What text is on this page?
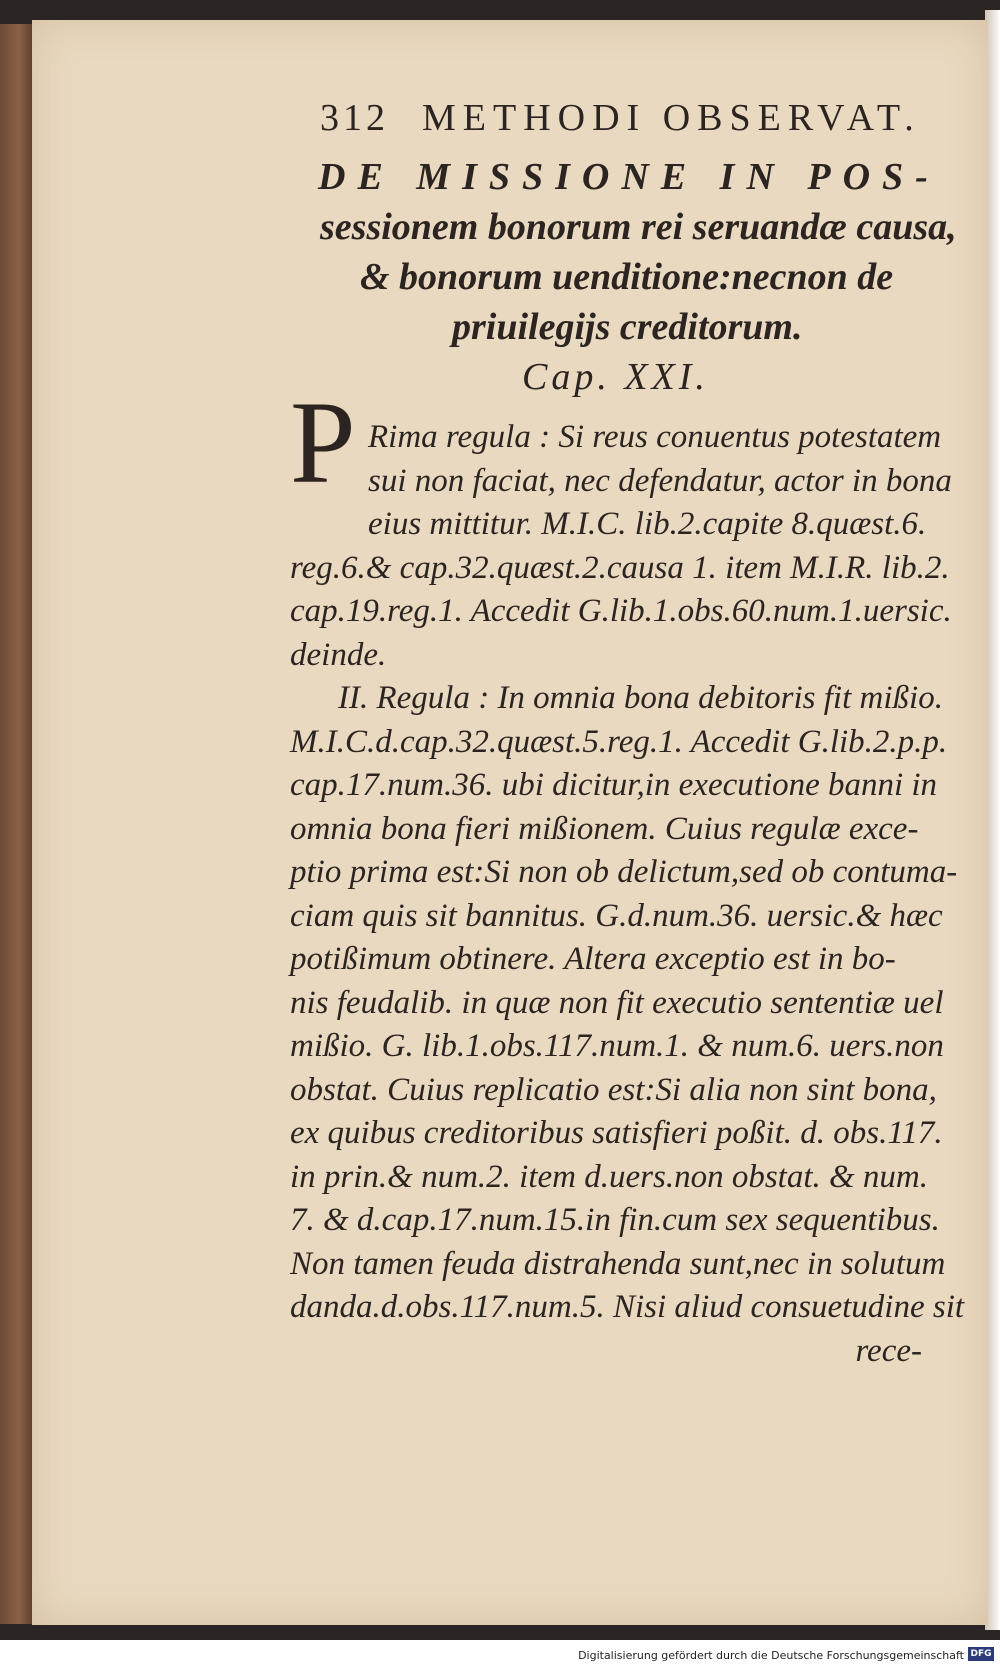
312 METHODI OBSERVAT.
DE MISSIONE IN POS-
sessionem bonorum rei seruandæ causa,
& bonorum uenditione:necnon de
priuilegijs creditorum.
Cap. XXI.
Rima regula : Si reus conuentus potestatem
sui non faciat, nec defendatur, actor in bona
eius mittitur. M.I.C. lib.2.capite 8.quæst.6.
reg.6.& cap.32.quæst.2.causa 1. item M.I.R. lib.2.
cap.19.reg.1. Accedit G.lib.1.obs.60.num.1.uersic.
deinde.
II. Regula : In omnia bona debitoris fit mißio.
M.I.C.d.cap.32.quæst.5.reg.1. Accedit G.lib.2.p.p.
cap.17.num.36. ubi dicitur,in executione banni in
omnia bona fieri mißionem. Cuius regulæ exce-
ptio prima est:Si non ob delictum,sed ob contuma-
ciam quis sit bannitus. G.d.num.36. uersic.& hæc
potißimum obtinere. Altera exceptio est in bo-
nis feudalib. in quæ non fit executio sententiæ uel
mißio. G. lib.1.obs.117.num.1. & num.6. uers.non
obstat. Cuius replicatio est:Si alia non sint bona,
ex quibus creditoribus satisfieri poßit. d. obs.117.
in prin.& num.2. item d.uers.non obstat. & num.
7. & d.cap.17.num.15.in fin.cum sex sequentibus.
Non tamen feuda distrahenda sunt,nec in solutum
danda.d.obs.117.num.5. Nisi aliud consuetudine sit
rece-
P
Digitalisierung gefördert durch die Deutsche Forschungsgemeinschaft DFG
